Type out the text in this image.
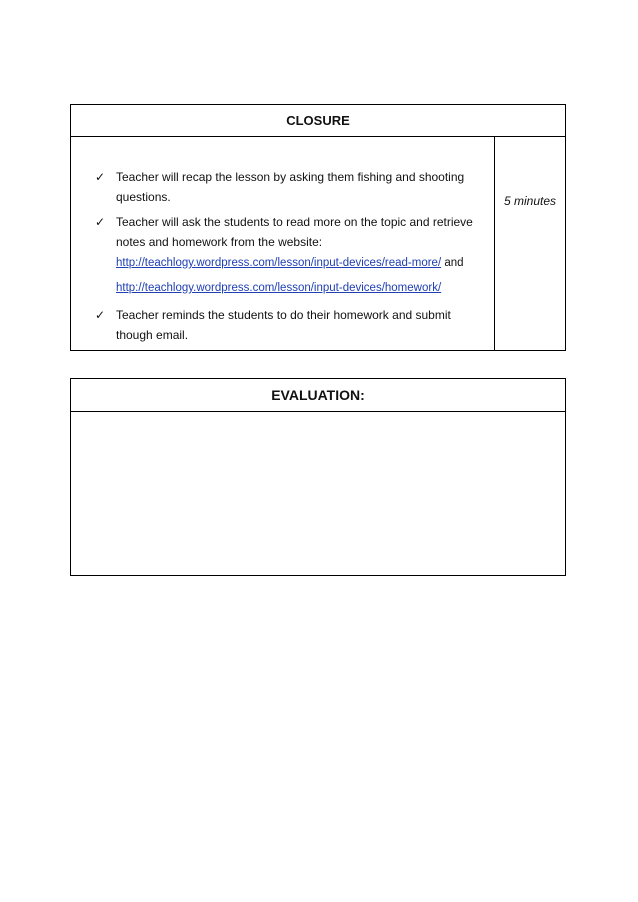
CLOSURE
✓ Teacher will recap the lesson by asking them fishing and shooting questions.
✓ Teacher will ask the students to read more on the topic and retrieve notes and homework from the website:
http://teachlogy.wordpress.com/lesson/input-devices/read-more/ and
http://teachlogy.wordpress.com/lesson/input-devices/homework/
✓ Teacher reminds the students to do their homework and submit though email.
5 minutes
EVALUATION:
